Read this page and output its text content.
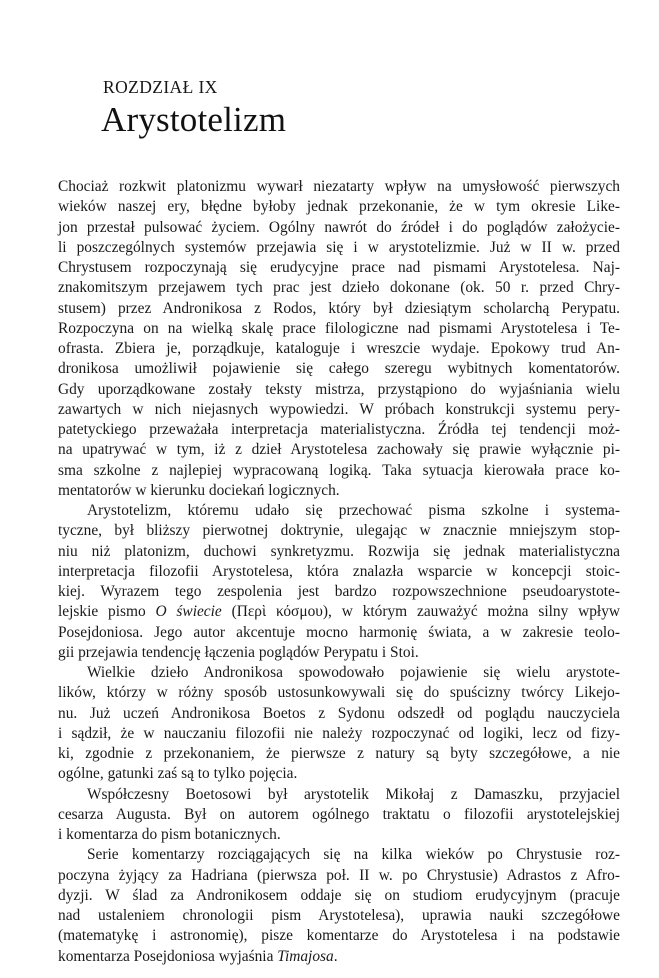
ROZDZIAŁ IX
Arystotelizm
Chociaż rozkwit platonizmu wywarł niezatarty wpływ na umysłowość pierwszych
wieków naszej ery, błędne byłoby jednak przekonanie, że w tym okresie Like-
jon przestał pulsować życiem. Ogólny nawrót do źródeł i do poglądów założycie-
li poszczególnych systemów przejawia się i w arystotelizmie. Już w II w. przed
Chrystusem rozpoczynają się erudycyjne prace nad pismami Arystotelesa. Naj-
znakomitszym przejawem tych prac jest dzieło dokonane (ok. 50 r. przed Chry-
stusem) przez Andronikosa z Rodos, który był dziesiątym scholarchą Perypatu.
Rozpoczyna on na wielką skalę prace filologiczne nad pismami Arystotelesa i Te-
ofrasta. Zbiera je, porządkuje, kataloguje i wreszcie wydaje. Epokowy trud An-
dronikosa umożliwił pojawienie się całego szeregu wybitnych komentatorów.
Gdy uporządkowane zostały teksty mistrza, przystąpiono do wyjaśniania wielu
zawartych w nich niejasnych wypowiedzi. W próbach konstrukcji systemu pery-
patetyckiego przeważała interpretacja materialistyczna. Źródła tej tendencji moż-
na upatrywać w tym, iż z dzieł Arystotelesa zachowały się prawie wyłącznie pi-
sma szkolne z najlepiej wypracowaną logiką. Taka sytuacja kierowała prace ko-
mentatorów w kierunku dociekań logicznych.
Arystotelizm, któremu udało się przechować pisma szkolne i systema-
tyczne, był bliższy pierwotnej doktrynie, ulegając w znacznie mniejszym stop-
niu niż platonizm, duchowi synkretyzmu. Rozwija się jednak materialistyczna
interpretacja filozofii Arystotelesa, która znalazła wsparcie w koncepcji stoic-
kiej. Wyrazem tego zespolenia jest bardzo rozpowszechnione pseudoarystote-
lejskie pismo O świecie (Περὶ κόσμου), w którym zauważyć można silny wpływ
Posejdoniosa. Jego autor akcentuje mocno harmonię świata, a w zakresie teolo-
gii przejawia tendencję łączenia poglądów Perypatu i Stoi.
Wielkie dzieło Andronikosa spowodowało pojawienie się wielu arystote-
lików, którzy w różny sposób ustosunkowywali się do spuścizny twórcy Likejo-
nu. Już uczeń Andronikosa Boetos z Sydonu odszedł od poglądu nauczyciela
i sądził, że w nauczaniu filozofii nie należy rozpoczynać od logiki, lecz od fizy-
ki, zgodnie z przekonaniem, że pierwsze z natury są byty szczegółowe, a nie
ogólne, gatunki zaś są to tylko pojęcia.
Współczesny Boetosowi był arystotelik Mikołaj z Damaszku, przyjaciel
cesarza Augusta. Był on autorem ogólnego traktatu o filozofii arystotelejskiej
i komentarza do pism botanicznych.
Serie komentarzy rozciągających się na kilka wieków po Chrystusie roz-
poczyna żyjący za Hadriana (pierwsza poł. II w. po Chrystusie) Adrastos z Afro-
dyzji. W ślad za Andronikosem oddaje się on studiom erudycyjnym (pracuje
nad ustaleniem chronologii pism Arystotelesa), uprawia nauki szczegółowe
(matematykę i astronomię), pisze komentarze do Arystotelesa i na podstawie
komentarza Posejdoniosa wyjaśnia Timajosa.
